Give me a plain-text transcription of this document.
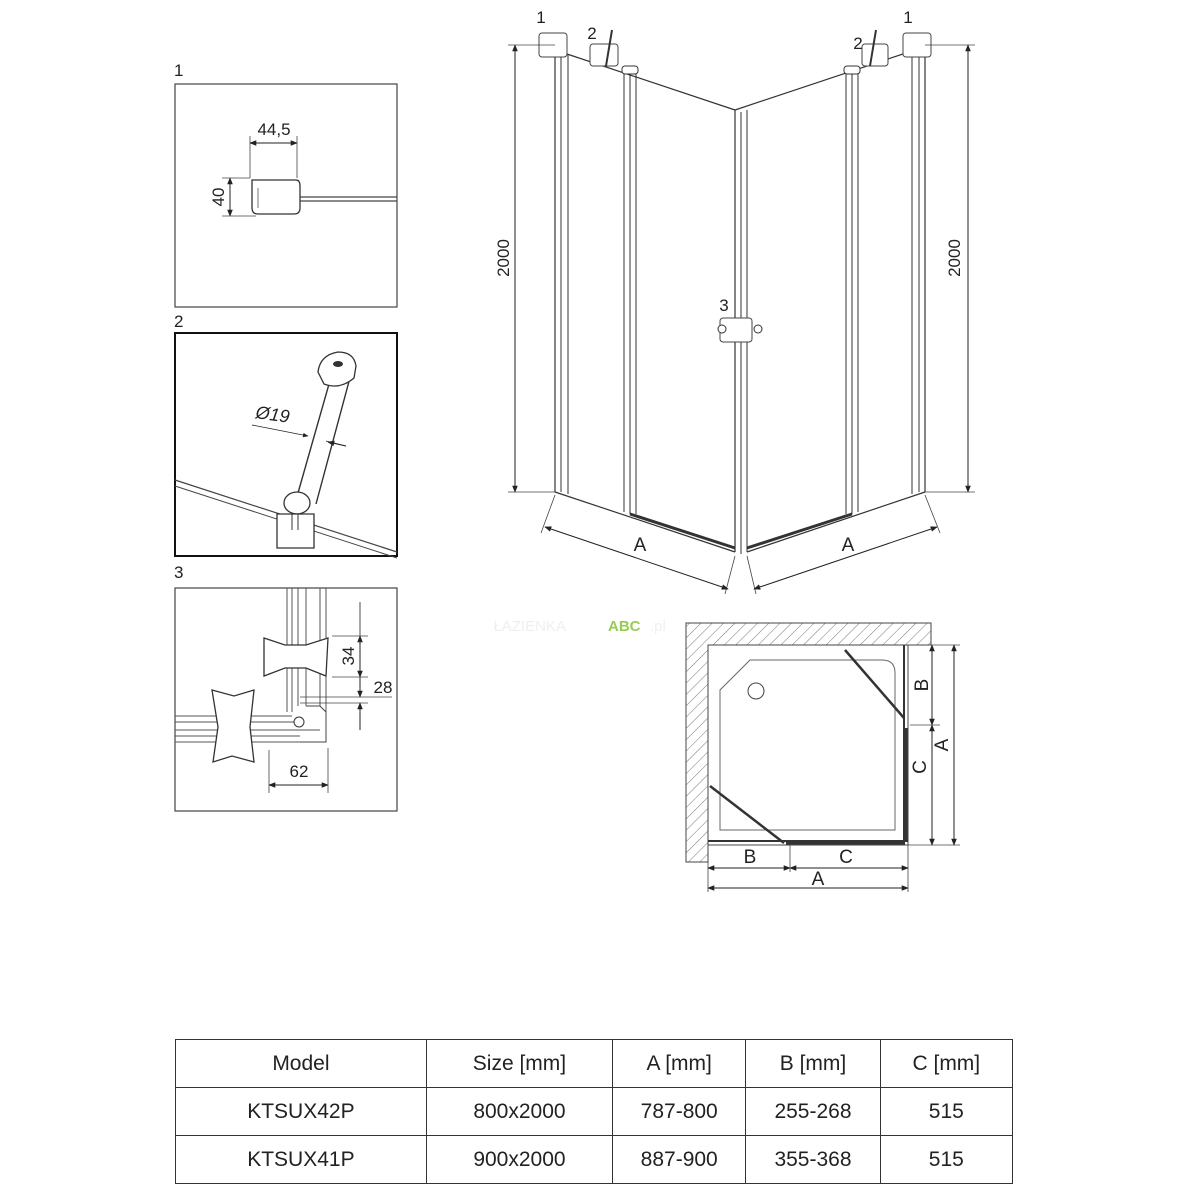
1
44,5
40
2
Ø19
3
34
28
62
1
2
1
2
3
2000	2000
A	A
ŁAZIENKA	ABC .pl
B
C
A
B	C
A
Model	Size [mm]	A [mm]	B [mm]	C [mm]
KTSUX42P	800x2000	787-800	255-268	515
KTSUX41P	900x2000	887-900	355-368	515
